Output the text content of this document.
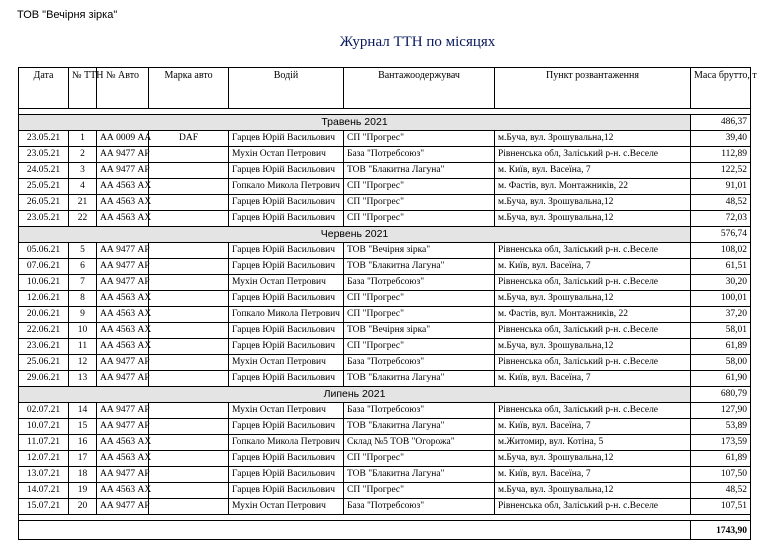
ТОВ "Вечірня зірка"
Журнал ТТН по місяцях
Дата	№ ТТН	№ Авто	Марка авто	Водій	Вантажоодержувач	Пункт розвантаження	Маса брутто, т

Травень 2021							486,37
23.05.21	1	АА 0009 АА	DAF	Гарцев Юрій Васильович	СП "Прогрес"	м.Буча, вул. Зрошувальна,12	39,40
23.05.21	2	АА 9477 АР		Мухін Остап Петрович	База "Потребсоюз"	Рівненська обл, Заліський р-н. с.Веселе	112,89
24.05.21	3	АА 9477 АР		Гарцев Юрій Васильович	ТОВ "Блакитна Лагуна"	м. Київ, вул. Васеїна, 7	122,52
25.05.21	4	АА 4563 АХ		Гопкало Микола Петрович	СП "Прогрес"	м. Фастів, вул. Монтажників, 22	91,01
26.05.21	21	АА 4563 АХ		Гарцев Юрій Васильович	СП "Прогрес"	м.Буча, вул. Зрошувальна,12	48,52
23.05.21	22	АА 4563 АХ		Гарцев Юрій Васильович	СП "Прогрес"	м.Буча, вул. Зрошувальна,12	72,03
Червень 2021							576,74
05.06.21	5	АА 9477 АР		Гарцев Юрій Васильович	ТОВ "Вечірня зірка"	Рівненська обл, Заліський р-н. с.Веселе	108,02
07.06.21	6	АА 9477 АР		Гарцев Юрій Васильович	ТОВ "Блакитна Лагуна"	м. Київ, вул. Васеїна, 7	61,51
10.06.21	7	АА 9477 АР		Мухін Остап Петрович	База "Потребсоюз"	Рівненська обл, Заліський р-н. с.Веселе	30,20
12.06.21	8	АА 4563 АХ		Гарцев Юрій Васильович	СП "Прогрес"	м.Буча, вул. Зрошувальна,12	100,01
20.06.21	9	АА 4563 АХ		Гопкало Микола Петрович	СП "Прогрес"	м. Фастів, вул. Монтажників, 22	37,20
22.06.21	10	АА 4563 АХ		Гарцев Юрій Васильович	ТОВ "Вечірня зірка"	Рівненська обл, Заліський р-н. с.Веселе	58,01
23.06.21	11	АА 4563 АХ		Гарцев Юрій Васильович	СП "Прогрес"	м.Буча, вул. Зрошувальна,12	61,89
25.06.21	12	АА 9477 АР		Мухін Остап Петрович	База "Потребсоюз"	Рівненська обл, Заліський р-н. с.Веселе	58,00
29.06.21	13	АА 9477 АР		Гарцев Юрій Васильович	ТОВ "Блакитна Лагуна"	м. Київ, вул. Васеїна, 7	61,90
Липень 2021							680,79
02.07.21	14	АА 9477 АР		Мухін Остап Петрович	База "Потребсоюз"	Рівненська обл, Заліський р-н. с.Веселе	127,90
10.07.21	15	АА 9477 АР		Гарцев Юрій Васильович	ТОВ "Блакитна Лагуна"	м. Київ, вул. Васеїна, 7	53,89
11.07.21	16	АА 4563 АХ		Гопкало Микола Петрович	Склад №5 ТОВ "Огорожа"	м.Житомир, вул. Котіна, 5	173,59
12.07.21	17	АА 4563 АХ		Гарцев Юрій Васильович	СП "Прогрес"	м.Буча, вул. Зрошувальна,12	61,89
13.07.21	18	АА 9477 АР		Гарцев Юрій Васильович	ТОВ "Блакитна Лагуна"	м. Київ, вул. Васеїна, 7	107,50
14.07.21	19	АА 4563 АХ		Гарцев Юрій Васильович	СП "Прогрес"	м.Буча, вул. Зрошувальна,12	48,52
15.07.21	20	АА 9477 АР		Мухін Остап Петрович	База "Потребсоюз"	Рівненська обл, Заліський р-н. с.Веселе	107,51

							1743,90
